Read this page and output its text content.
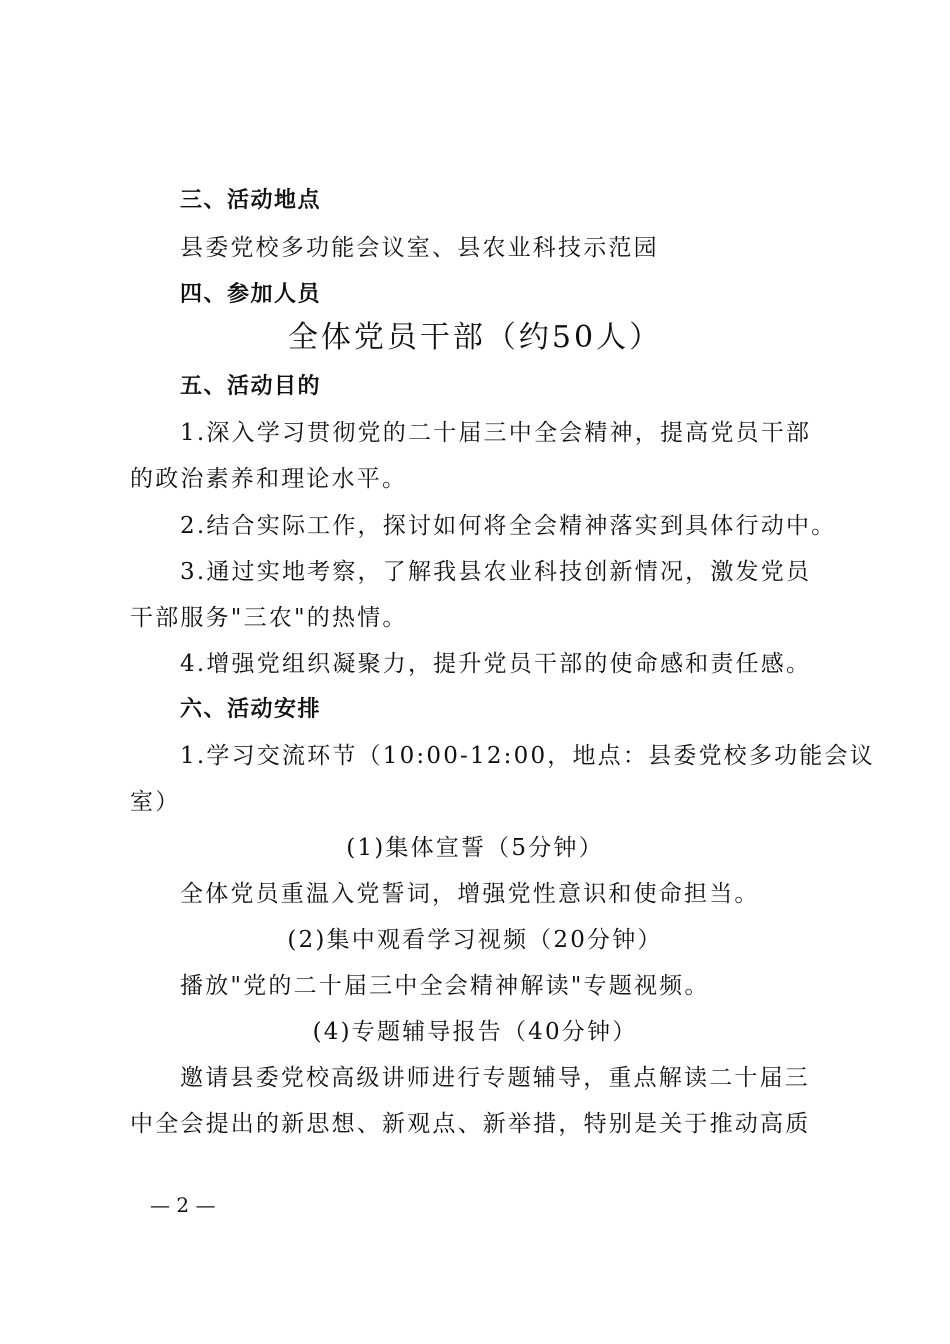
三、活动地点
县委党校多功能会议室、县农业科技示范园
四、参加人员
全体党员干部（约50人）
五、活动目的
1.深入学习贯彻党的二十届三中全会精神，提高党员干部
的政治素养和理论水平。
2.结合实际工作，探讨如何将全会精神落实到具体行动中。
3.通过实地考察，了解我县农业科技创新情况，激发党员
干部服务"三农"的热情。
4.增强党组织凝聚力，提升党员干部的使命感和责任感。
六、活动安排
1.学习交流环节（10:00-12:00，地点：县委党校多功能会议
室）
(1)集体宣誓（5分钟）
全体党员重温入党誓词，增强党性意识和使命担当。
(2)集中观看学习视频（20分钟）
播放"党的二十届三中全会精神解读"专题视频。
(4)专题辅导报告（40分钟）
邀请县委党校高级讲师进行专题辅导，重点解读二十届三
中全会提出的新思想、新观点、新举措，特别是关于推动高质
— 2 —
